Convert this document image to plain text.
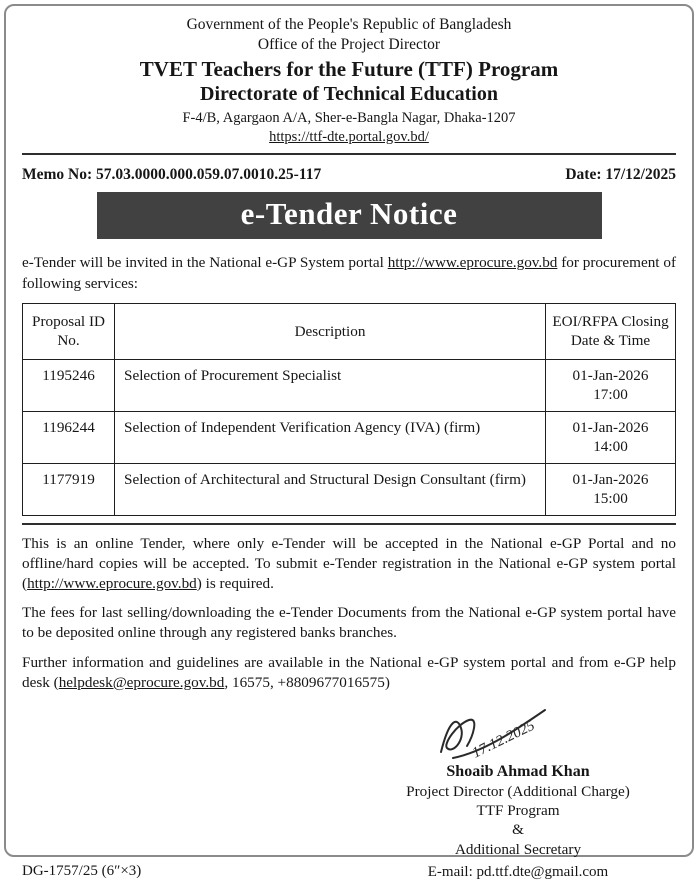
Government of the People's Republic of Bangladesh
Office of the Project Director
TVET Teachers for the Future (TTF) Program
Directorate of Technical Education
F-4/B, Agargaon A/A, Sher-e-Bangla Nagar, Dhaka-1207
https://ttf-dte.portal.gov.bd/
Memo No: 57.03.0000.000.059.07.0010.25-117	Date: 17/12/2025
e-Tender Notice

e-Tender will be invited in the National e-GP System portal http://www.eprocure.gov.bd for procurement of following services:

Proposal ID No.	Description	EOI/RFPA Closing Date & Time
1195246	Selection of Procurement Specialist	01-Jan-2026
17:00

1196244	Selection of Independent Verification Agency (IVA) (firm)	01-Jan-2026
14:00

1177919	Selection of Architectural and Structural Design Consultant (firm)	01-Jan-2026
15:00

This is an online Tender, where only e-Tender will be accepted in the National e-GP Portal and no offline/hard copies will be accepted. To submit e-Tender registration in the National e-GP system portal (http://www.eprocure.gov.bd) is required.

The fees for last selling/downloading the e-Tender Documents from the National e-GP system portal have to be deposited online through any registered banks branches.

Further information and guidelines are available in the National e-GP system portal and from e-GP help desk (helpdesk@eprocure.gov.bd, 16575, +8809677016575)

17.12.2025
Shoaib Ahmad Khan
Project Director (Additional Charge)
TTF Program
&
Additional Secretary
DG-1757/25 (6″×3)	E-mail: pd.ttf.dte@gmail.com
